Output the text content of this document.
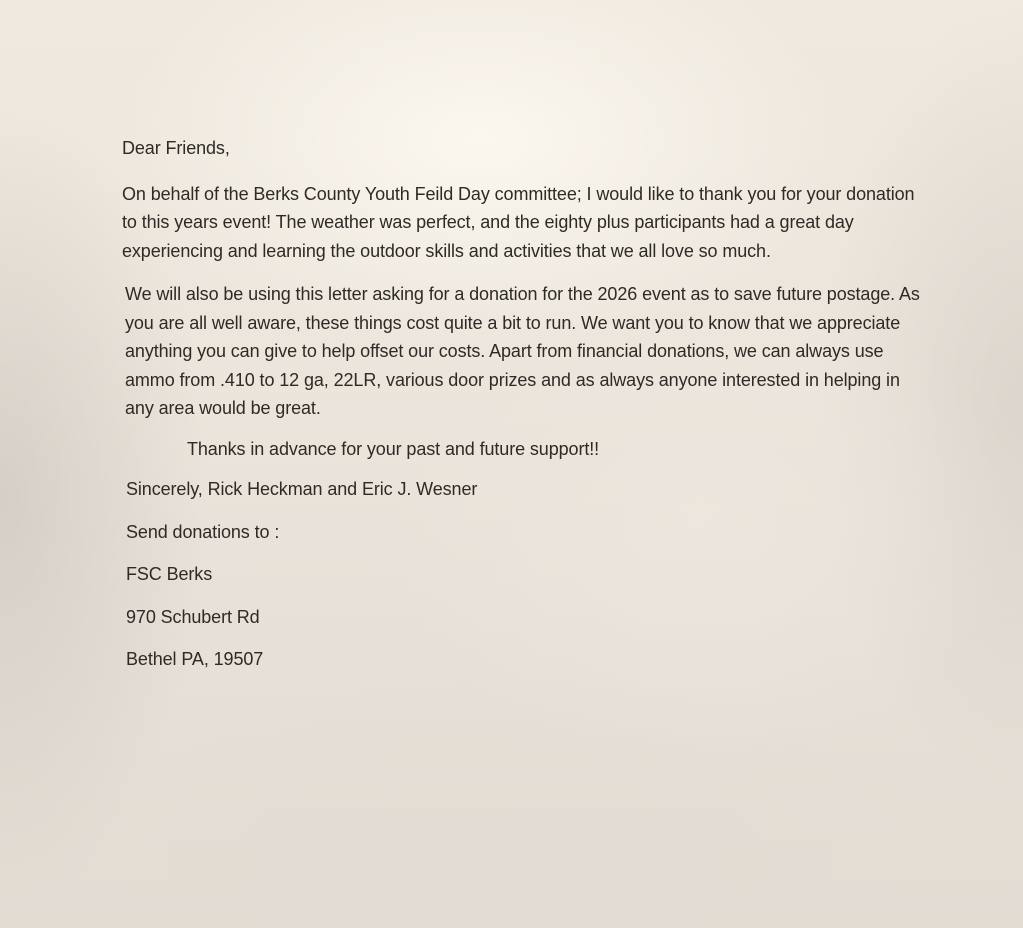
Dear Friends,

On behalf of the Berks County Youth Feild Day committee; I would like to thank you for your donation to this years event! The weather was perfect, and the eighty plus participants had a great day experiencing and learning the outdoor skills and activities that we all love so much.

We will also be using this letter asking for a donation for the 2026 event as to save future postage. As you are all well aware, these things cost quite a bit to run. We want you to know that we appreciate anything you can give to help offset our costs. Apart from financial donations, we can always use ammo from .410 to 12 ga, 22LR, various door prizes and as always anyone interested in helping in any area would be great.

Thanks in advance for your past and future support!!

Sincerely, Rick Heckman and Eric J. Wesner

Send donations to :

FSC Berks

970 Schubert Rd

Bethel PA, 19507
